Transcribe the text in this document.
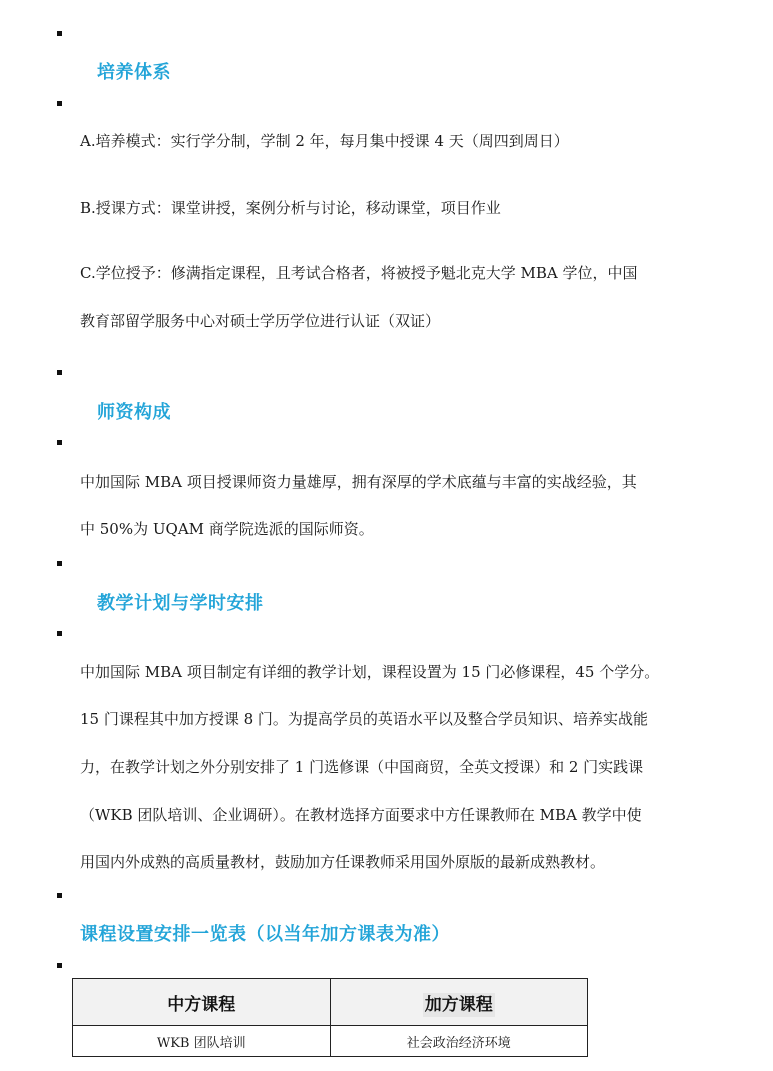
培养体系
A.培养模式：实行学分制，学制 2 年，每月集中授课 4 天（周四到周日）
B.授课方式：课堂讲授，案例分析与讨论，移动课堂，项目作业
C.学位授予：修满指定课程，且考试合格者，将被授予魁北克大学 MBA 学位，中国
教育部留学服务中心对硕士学历学位进行认证（双证）
师资构成
中加国际 MBA 项目授课师资力量雄厚，拥有深厚的学术底蕴与丰富的实战经验，其
中 50%为 UQAM 商学院选派的国际师资。
教学计划与学时安排
中加国际 MBA 项目制定有详细的教学计划，课程设置为 15 门必修课程，45 个学分。
15 门课程其中加方授课 8 门。为提高学员的英语水平以及整合学员知识、培养实战能
力，在教学计划之外分别安排了 1 门选修课（中国商贸，全英文授课）和 2 门实践课
（WKB 团队培训、企业调研）。在教材选择方面要求中方任课教师在 MBA 教学中使
用国内外成熟的高质量教材，鼓励加方任课教师采用国外原版的最新成熟教材。
课程设置安排一览表（以当年加方课表为准）
中方课程	加方课程
WKB 团队培训	社会政治经济环境
